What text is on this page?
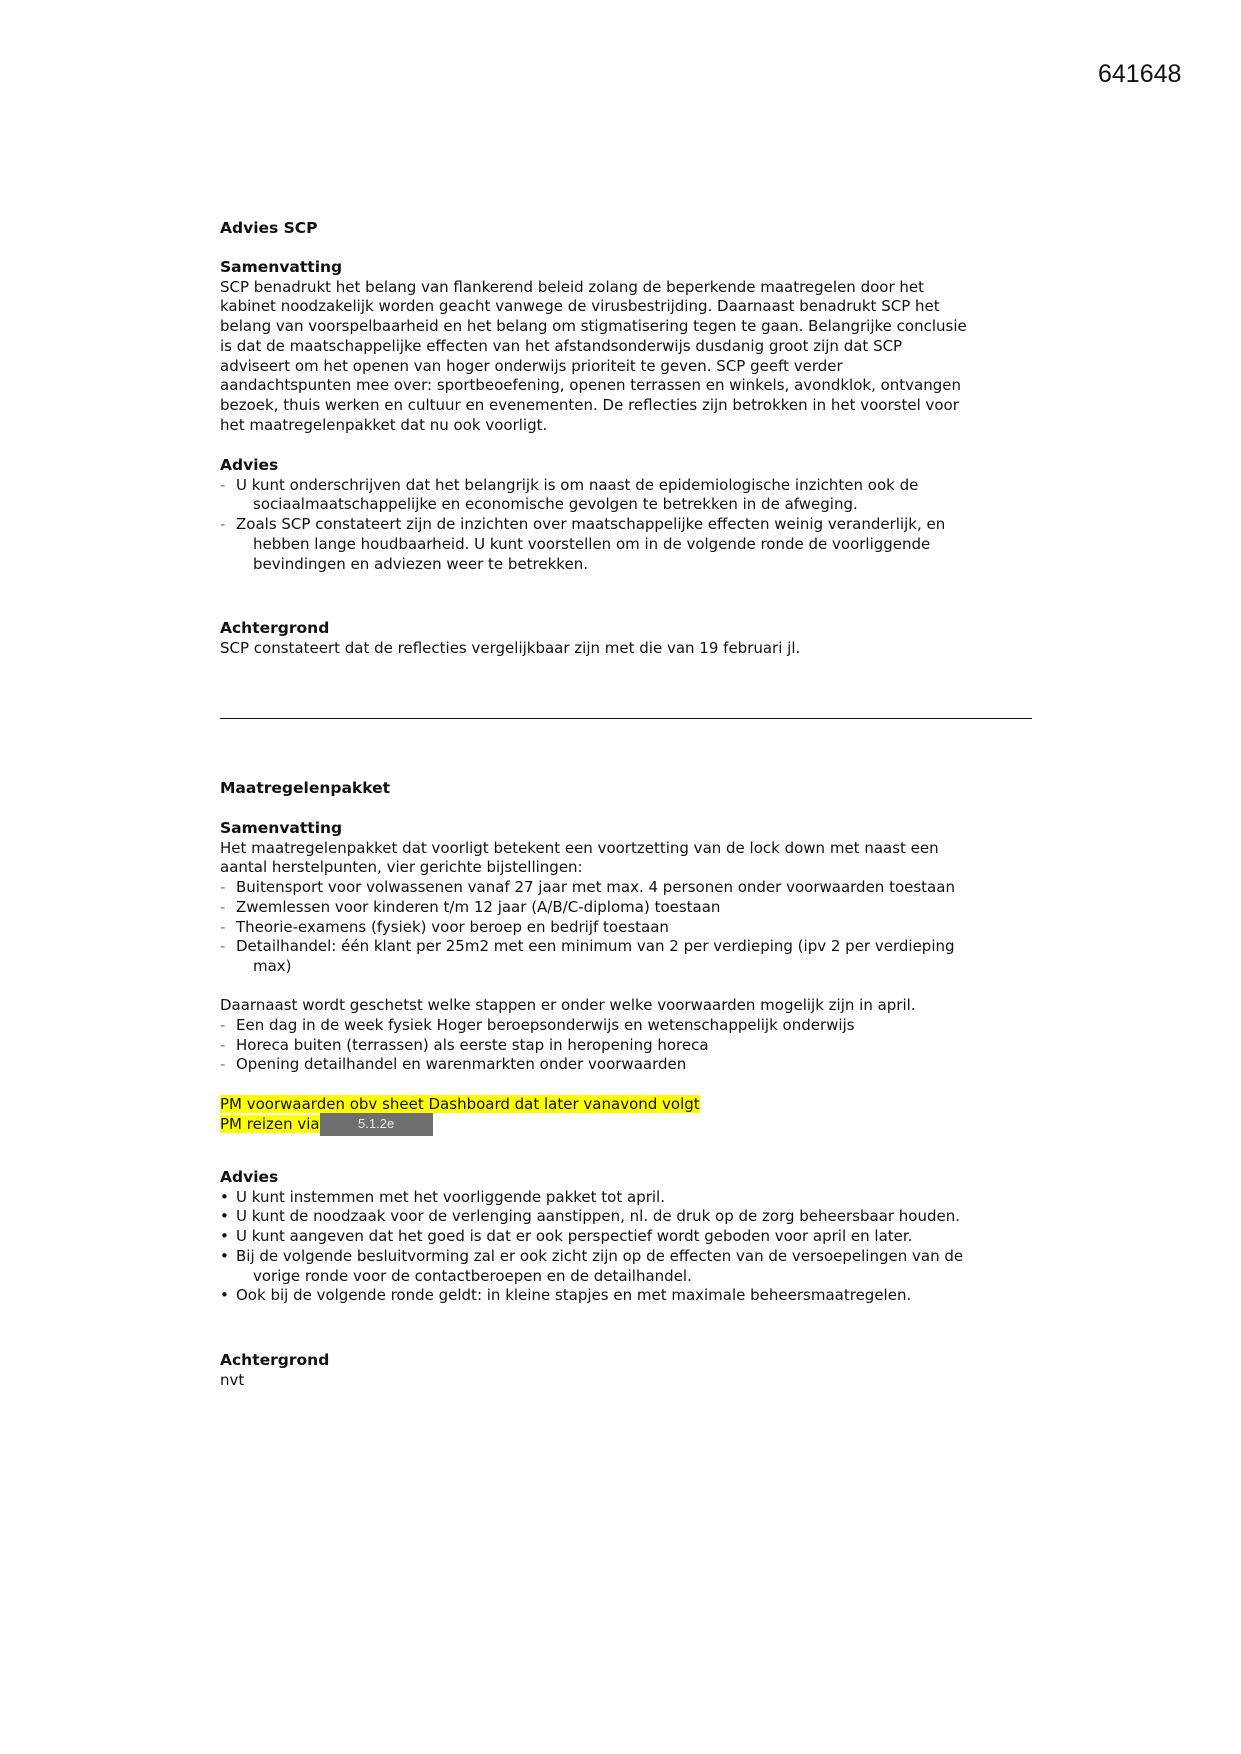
641648
Advies SCP
Samenvatting
SCP benadrukt het belang van flankerend beleid zolang de beperkende maatregelen door het
kabinet noodzakelijk worden geacht vanwege de virusbestrijding. Daarnaast benadrukt SCP het
belang van voorspelbaarheid en het belang om stigmatisering tegen te gaan. Belangrijke conclusie
is dat de maatschappelijke effecten van het afstandsonderwijs dusdanig groot zijn dat SCP
adviseert om het openen van hoger onderwijs prioriteit te geven. SCP geeft verder
aandachtspunten mee over: sportbeoefening, openen terrassen en winkels, avondklok, ontvangen
bezoek, thuis werken en cultuur en evenementen. De reflecties zijn betrokken in het voorstel voor
het maatregelenpakket dat nu ook voorligt.
Advies
- U kunt onderschrijven dat het belangrijk is om naast de epidemiologische inzichten ook de
sociaalmaatschappelijke en economische gevolgen te betrekken in de afweging.
- Zoals SCP constateert zijn de inzichten over maatschappelijke effecten weinig veranderlijk, en
hebben lange houdbaarheid. U kunt voorstellen om in de volgende ronde de voorliggende
bevindingen en adviezen weer te betrekken.
Achtergrond
SCP constateert dat de reflecties vergelijkbaar zijn met die van 19 februari jl.
Maatregelenpakket
Samenvatting
Het maatregelenpakket dat voorligt betekent een voortzetting van de lock down met naast een
aantal herstelpunten, vier gerichte bijstellingen:
- Buitensport voor volwassenen vanaf 27 jaar met max. 4 personen onder voorwaarden toestaan
- Zwemlessen voor kinderen t/m 12 jaar (A/B/C-diploma) toestaan
- Theorie-examens (fysiek) voor beroep en bedrijf toestaan
- Detailhandel: één klant per 25m2 met een minimum van 2 per verdieping (ipv 2 per verdieping
max)
Daarnaast wordt geschetst welke stappen er onder welke voorwaarden mogelijk zijn in april.
- Een dag in de week fysiek Hoger beroepsonderwijs en wetenschappelijk onderwijs
- Horeca buiten (terrassen) als eerste stap in heropening horeca
- Opening detailhandel en warenmarkten onder voorwaarden
PM voorwaarden obv sheet Dashboard dat later vanavond volgt
PM reizen via	5.1.2e
Advies
• U kunt instemmen met het voorliggende pakket tot april.
• U kunt de noodzaak voor de verlenging aanstippen, nl. de druk op de zorg beheersbaar houden.
• U kunt aangeven dat het goed is dat er ook perspectief wordt geboden voor april en later.
• Bij de volgende besluitvorming zal er ook zicht zijn op de effecten van de versoepelingen van de
vorige ronde voor de contactberoepen en de detailhandel.
• Ook bij de volgende ronde geldt: in kleine stapjes en met maximale beheersmaatregelen.
Achtergrond
nvt
